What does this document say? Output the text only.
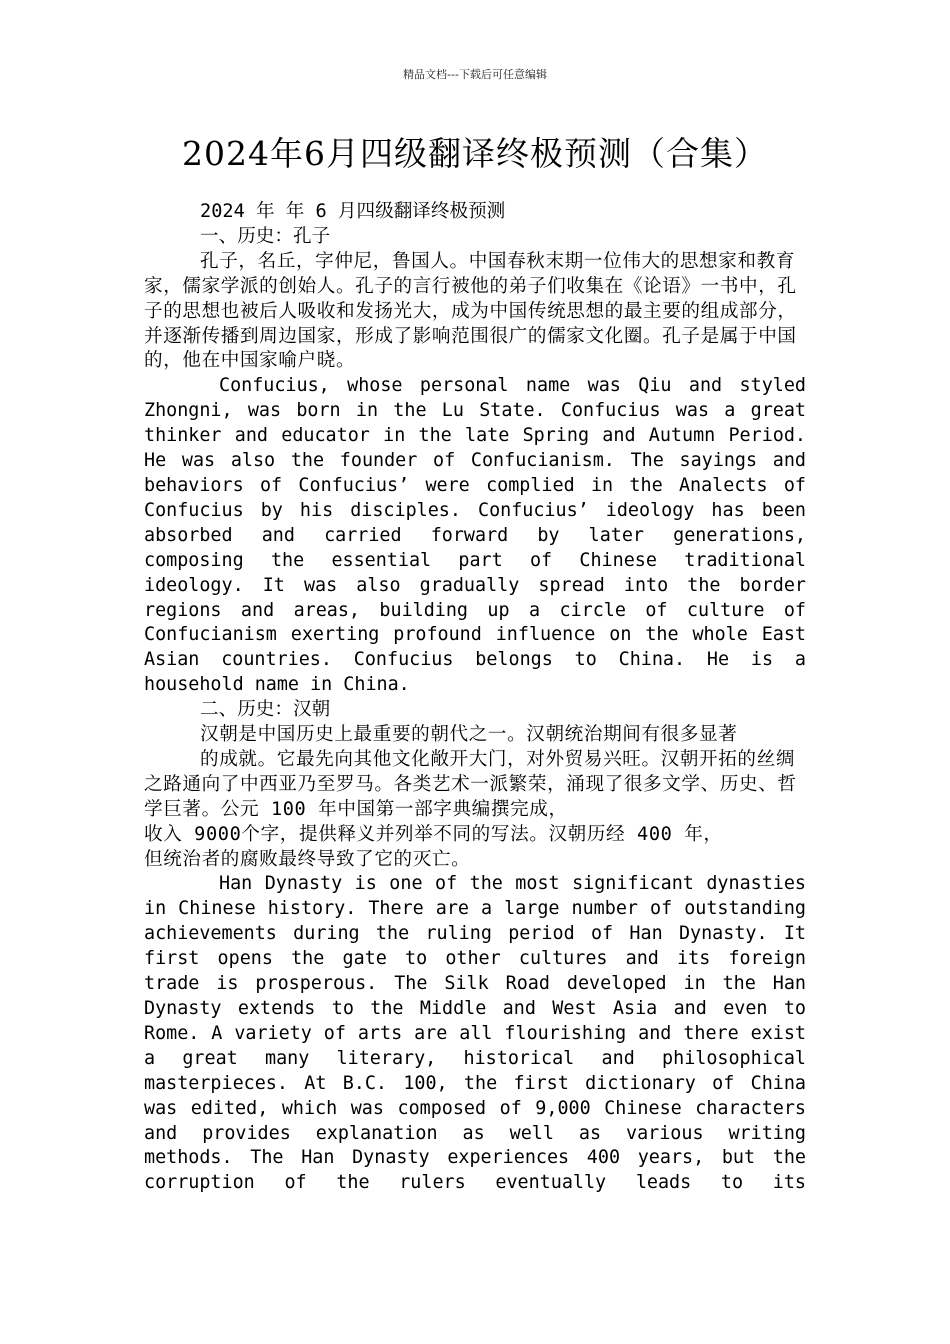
精品文档---下载后可任意编辑
2024年6月四级翻译终极预测（合集）

2024 年 年 6 月四级翻译终极预测

一、历史：孔子

孔子，名丘，字仲尼，鲁国人。中国春秋末期一位伟大的思想家和教育家，儒家学派的创始人。孔子的言行被他的弟子们收集在《论语》一书中，孔子的思想也被后人吸收和发扬光大，成为中国传统思想的最主要的组成部分，并逐渐传播到周边国家，形成了影响范围很广的儒家文化圈。孔子是属于中国的，他在中国家喻户晓。

Confucius, whose personal name was Qiu and styled Zhongni, was born in the Lu State. Confucius was a great thinker and educator in the late Spring and Autumn Period. He was also the founder of Confucianism. The sayings and behaviors of Confucius’ were complied in the Analects of Confucius by his disciples. Confucius’ ideology has been absorbed and carried forward by later generations, composing the essential part of Chinese traditional ideology. It was also gradually spread into the border regions and areas, building up a circle of culture of Confucianism exerting profound influence on the whole East Asian countries. Confucius belongs to China. He is a household name in China.

二、历史：汉朝

汉朝是中国历史上最重要的朝代之一。汉朝统治期间有很多显著

的成就。它最先向其他文化敞开大门，对外贸易兴旺。汉朝开拓的丝绸之路通向了中西亚乃至罗马。各类艺术一派繁荣，涌现了很多文学、历史、哲学巨著。公元 100 年中国第一部字典编撰完成，

收入 9000个字，提供释义并列举不同的写法。汉朝历经 400 年，

但统治者的腐败最终导致了它的灭亡。

Han Dynasty is one of the most significant dynasties in Chinese history. There are a large number of outstanding achievements during the ruling period of Han Dynasty. It first opens the gate to other cultures and its foreign trade is prosperous. The Silk Road developed in the Han Dynasty extends to the Middle and West Asia and even to Rome. A variety of arts are all flourishing and there exist a great many literary, historical and philosophical masterpieces. At B.C. 100, the first dictionary of China was edited, which was composed of 9,000 Chinese characters and provides explanation as well as various writing methods. The Han Dynasty experiences 400 years, but the corruption of the rulers eventually leads to its
